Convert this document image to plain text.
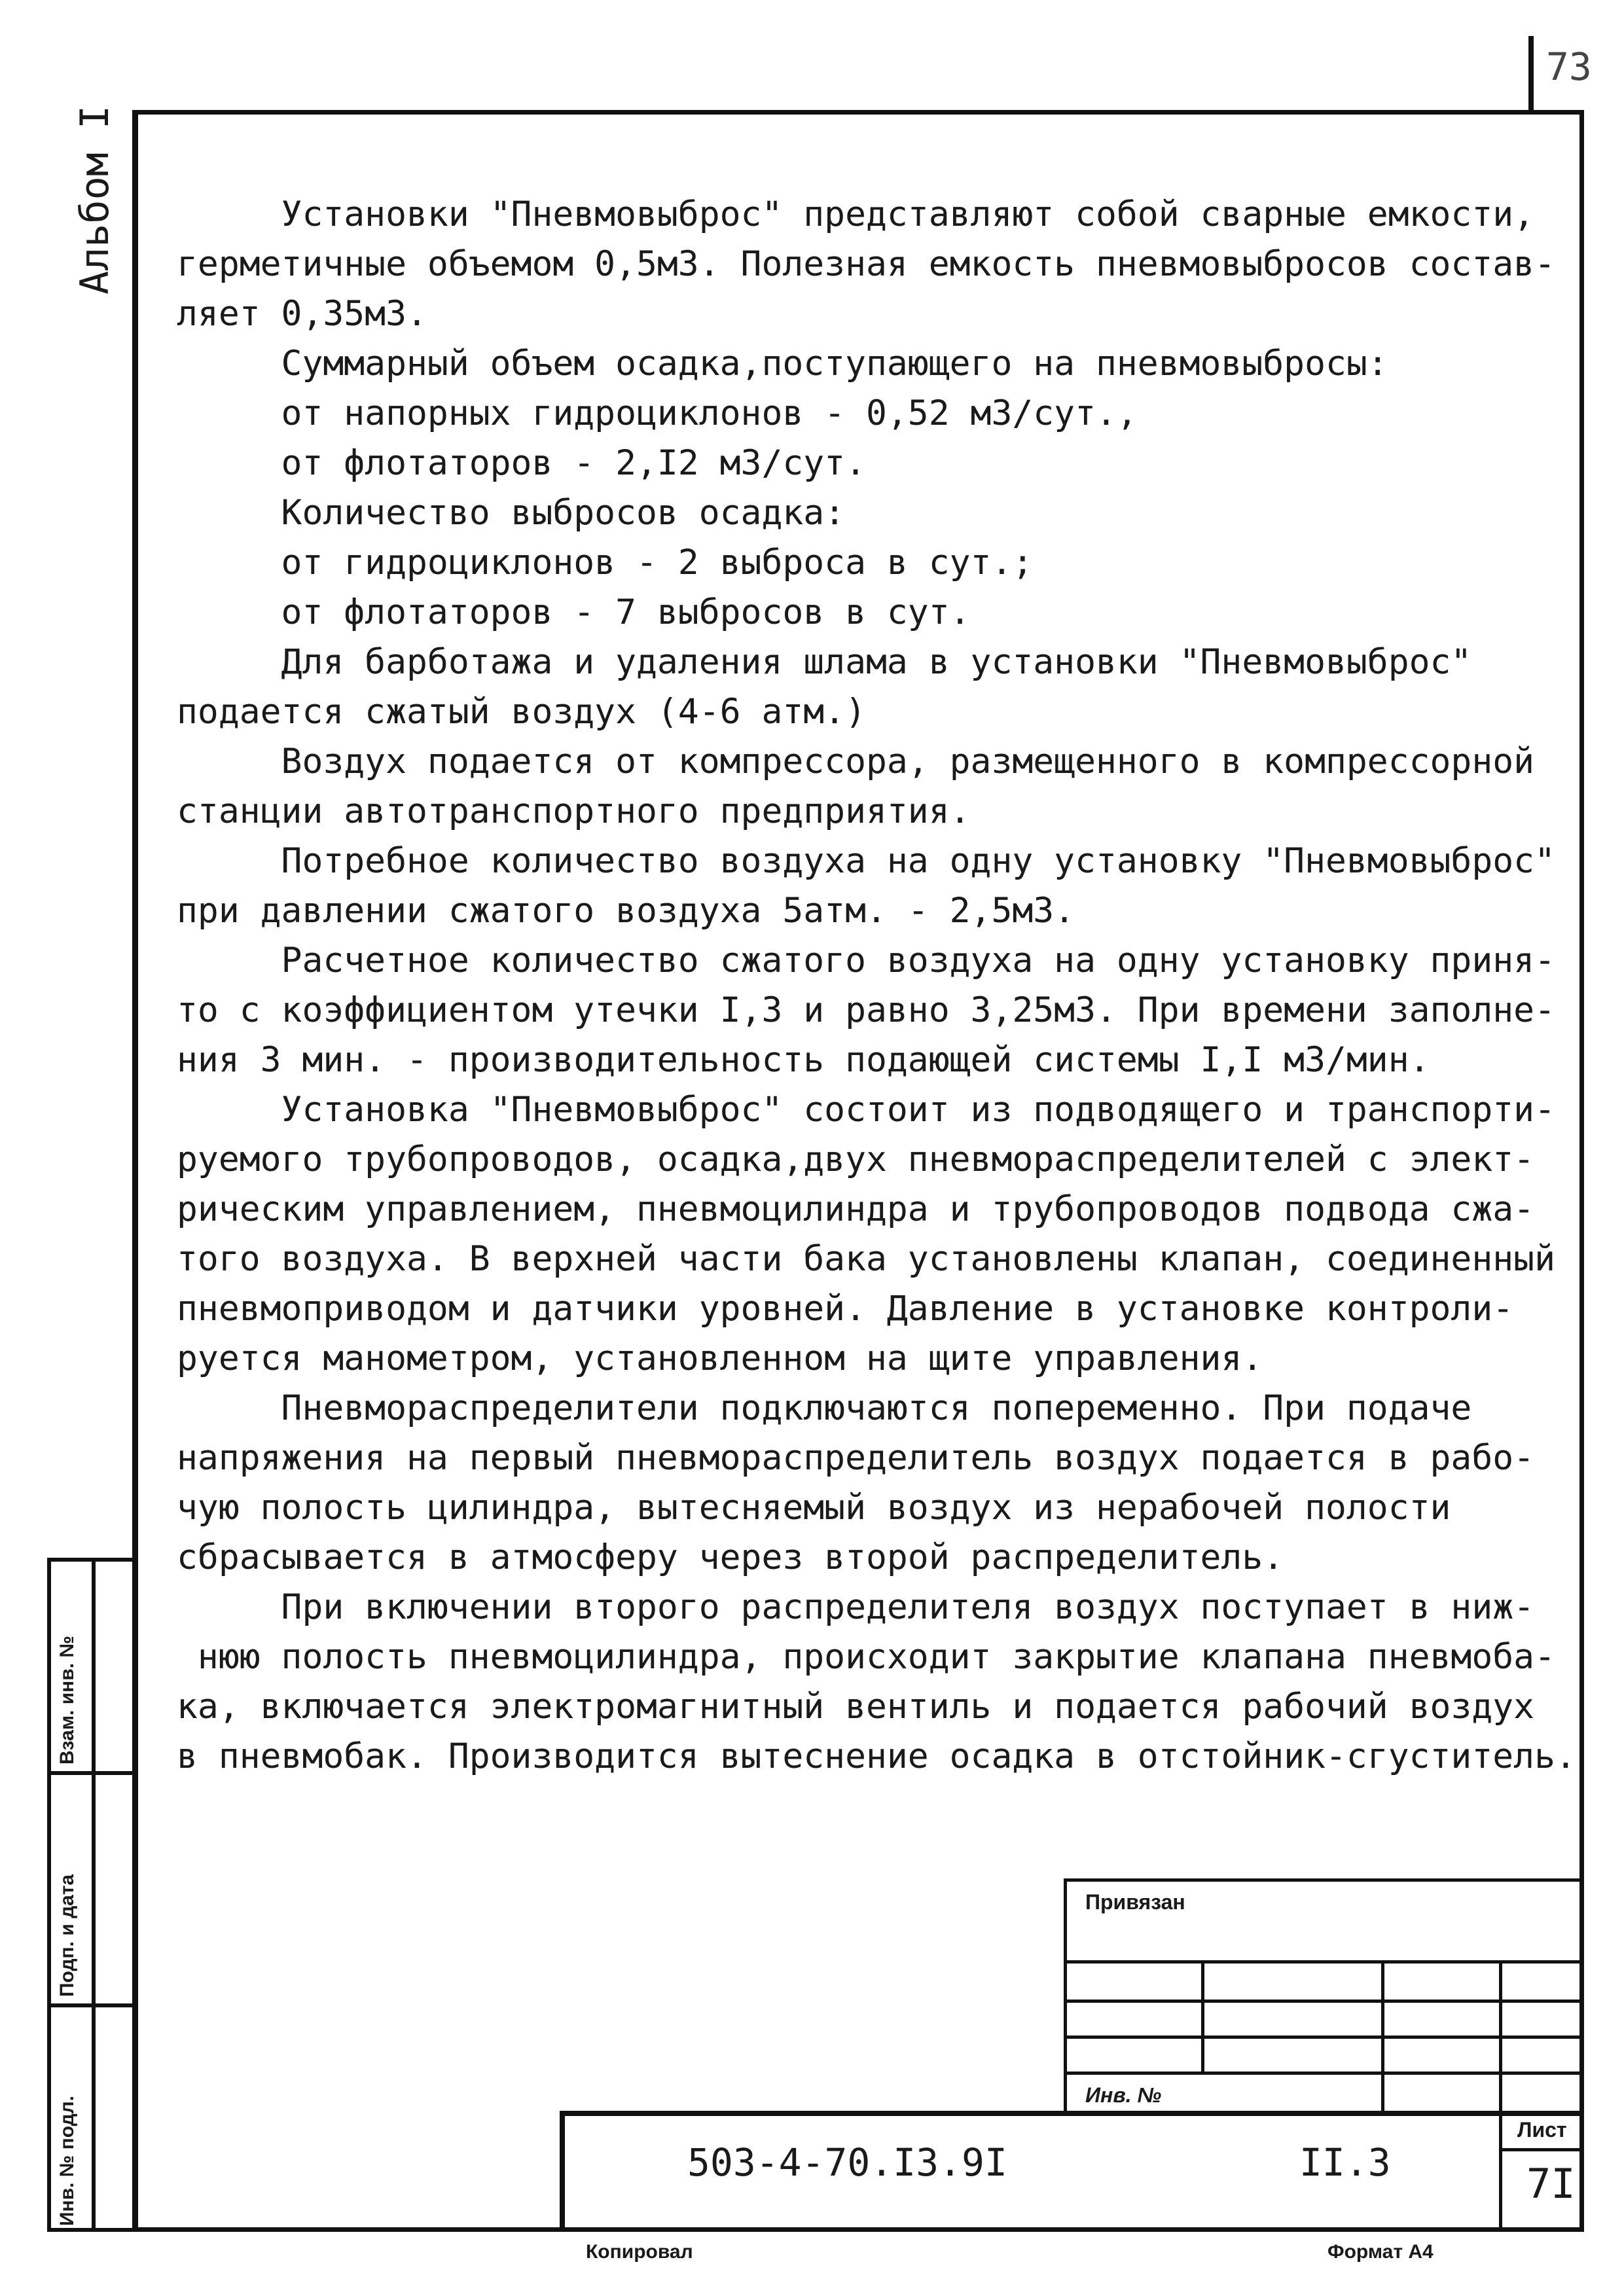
73
Альбом I
Взам. инв. №
Подп. и дата
Инв. № подл.
Установки "Пневмовыброс" представляют собой сварные емкости,
герметичные объемом 0,5м3. Полезная емкость пневмовыбросов состав-
ляет 0,35м3.
Суммарный объем осадка,поступающего на пневмовыбросы:
от напорных гидроциклонов - 0,52 м3/сут.,
от флотаторов - 2,I2 м3/сут.
Количество выбросов осадка:
от гидроциклонов - 2 выброса в сут.;
от флотаторов - 7 выбросов в сут.
Для барботажа и удаления шлама в установки "Пневмовыброс"
подается сжатый воздух (4-6 атм.)
Воздух подается от компрессора, размещенного в компрессорной
станции автотранспортного предприятия.
Потребное количество воздуха на одну установку "Пневмовыброс"
при давлении сжатого воздуха 5атм. - 2,5м3.
Расчетное количество сжатого воздуха на одну установку приня-
то с коэффициентом утечки I,3 и равно 3,25м3. При времени заполне-
ния 3 мин. - производительность подающей системы I,I м3/мин.
Установка "Пневмовыброс" состоит из подводящего и транспорти-
руемого трубопроводов, осадка,двух пневмораспределителей с элект-
рическим управлением, пневмоцилиндра и трубопроводов подвода сжа-
того воздуха. В верхней части бака установлены клапан, соединенный
пневмоприводом и датчики уровней. Давление в установке контроли-
руется манометром, установленном на щите управления.
Пневмораспределители подключаются попеременно. При подаче
напряжения на первый пневмораспределитель воздух подается в рабо-
чую полость цилиндра, вытесняемый воздух из нерабочей полости
сбрасывается в атмосферу через второй распределитель.
При включении второго распределителя воздух поступает в ниж-
нюю полость пневмоцилиндра, происходит закрытие клапана пневмоба-
ка, включается электромагнитный вентиль и подается рабочий воздух
в пневмобак. Производится вытеснение осадка в отстойник-сгуститель.
Привязан
Инв. №
503-4-70.I3.9I	II.3
Лист
7I
Копировал	Формат А4
